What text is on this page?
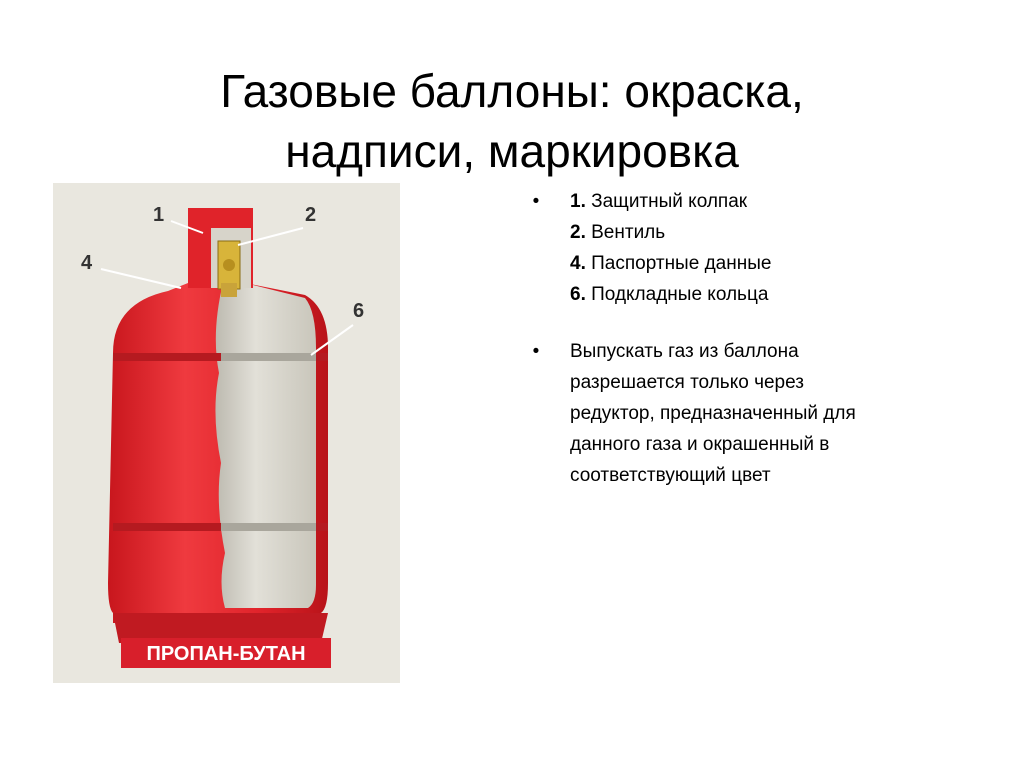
Газовые баллоны: окраска,
надписи, маркировка
1	2
4
6
ПРОПАН-БУТАН
• 1. Защитный колпак
2. Вентиль
4. Паспортные данные
6. Подкладные кольца
• Выпускать газ из баллона
разрешается только через
редуктор, предназначенный для
данного газа и окрашенный в
соответствующий цвет
